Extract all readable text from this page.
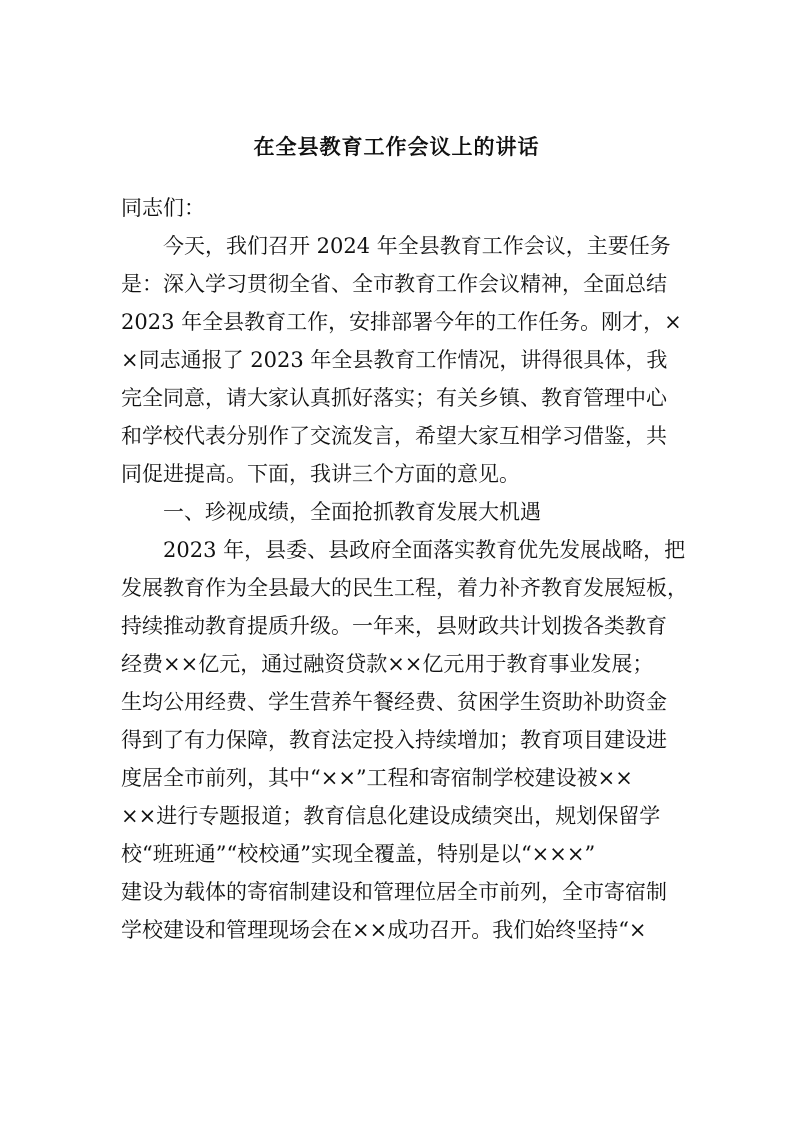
在全县教育工作会议上的讲话
同志们：
今天，我们召开 2024 年全县教育工作会议，主要任务
是：深入学习贯彻全省、全市教育工作会议精神，全面总结
2023 年全县教育工作，安排部署今年的工作任务。刚才，×
×同志通报了 2023 年全县教育工作情况，讲得很具体，我
完全同意，请大家认真抓好落实；有关乡镇、教育管理中心
和学校代表分别作了交流发言，希望大家互相学习借鉴，共
同促进提高。下面，我讲三个方面的意见。
一、珍视成绩，全面抢抓教育发展大机遇
2023 年，县委、县政府全面落实教育优先发展战略，把
发展教育作为全县最大的民生工程，着力补齐教育发展短板，
持续推动教育提质升级。一年来，县财政共计划拨各类教育
经费××亿元，通过融资贷款××亿元用于教育事业发展；
生均公用经费、学生营养午餐经费、贫困学生资助补助资金
得到了有力保障，教育法定投入持续增加；教育项目建设进
度居全市前列，其中“××”工程和寄宿制学校建设被××
××进行专题报道；教育信息化建设成绩突出，规划保留学
校“班班通”“校校通”实现全覆盖，特别是以“×××”
建设为载体的寄宿制建设和管理位居全市前列，全市寄宿制
学校建设和管理现场会在××成功召开。我们始终坚持“×
